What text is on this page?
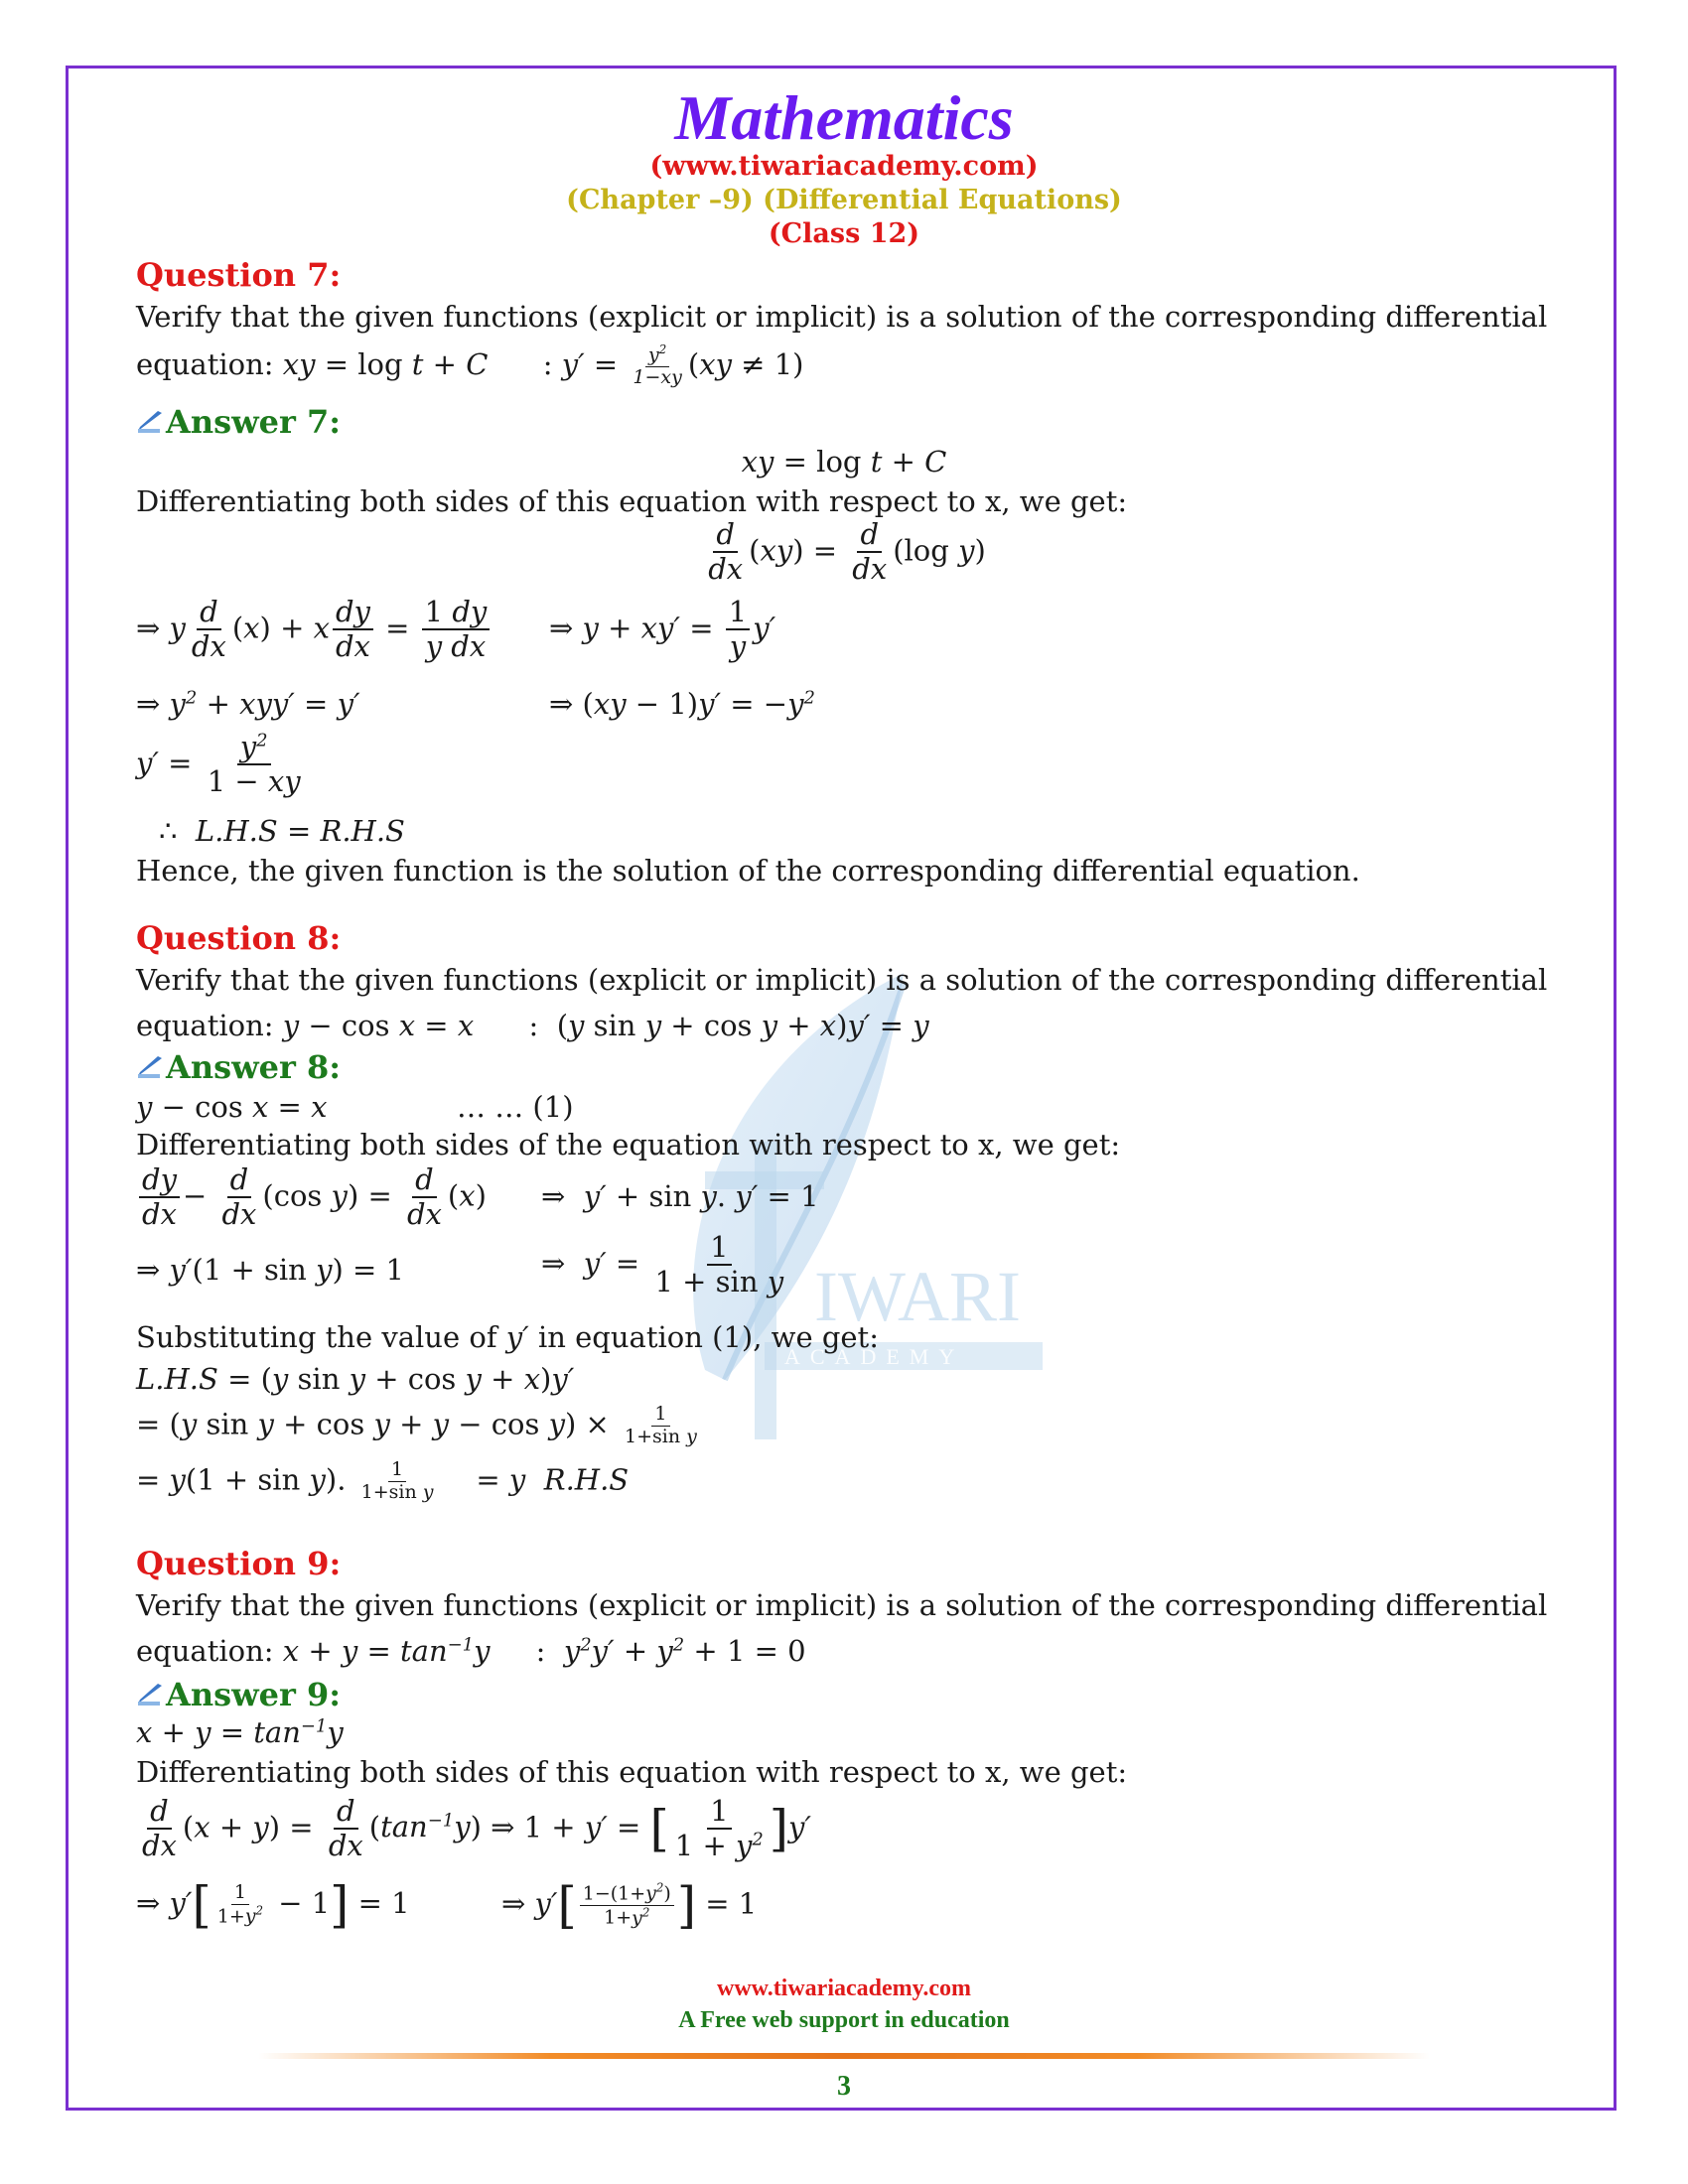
IWARI
ACADEMY
Mathematics
(www.tiwariacademy.com)
(Chapter –9) (Differential Equations)
(Class 12)
Question 7:
Verify that the given functions (explicit or implicit) is a solution of the corresponding differential
equation: xy = log t + C      : $y' = \frac{y^2}{1-xy} (xy \ne 1)$
Answer 7:
xy = log t + C
Differentiating both sides of this equation with respect to x, we get:
$\frac{d}{dx} (xy) = \frac{d}{dx} (\log$ y)
⇒ y $\frac{d}{dx} (x) + x \frac{dy}{dx} = \frac{1 dy}{\text{y dx}}$ ⇒ $y + xy' = \frac{1}{y} y'$
⇒ $y^2 + xyy' = y'$	⇒ $(xy - 1)y' = -y^2$
$y' = \frac{y^2}{1 - xy}$
∴  L.H.S = R.H.S
Hence, the given function is the solution of the corresponding differential equation.
Question 8:
Verify that the given functions (explicit or implicit) is a solution of the corresponding differential
equation: y − cos x = x      :  (y sin y + cos y + x)y′ = y
Answer 8:
y − cos x = x	… … (1)
Differentiating both sides of the equation with respect to x, we get:
$\frac{dy}{dx} - \frac{d}{dx} (\cos$ $y) = \frac{d}{dx} (x)$ ⇒  y′ + sin y. y′ = 1
⇒ y′(1 + sin y) = 1	⇒  $y' = \frac{1}{\text{1 + sin y}}$
Substituting the value of y′ in equation (1), we get:
L.H.S = (y sin y + cos y + x)y′
= (y $\sin y + \cos y + y - \cos y) \times \frac{1}{\text{1+sin y}}$
= y(1 + sin y). $\frac{1}{\text{1+sin y}} = y$ R.H.S
Question 9:
Verify that the given functions (explicit or implicit) is a solution of the corresponding differential
equation: $x + y = \tan^{-1}y$     :  $y^2y' + y^2 + 1 = 0$
Answer 9:
$x + y = \tan^{-1}y$
Differentiating both sides of this equation with respect to x, we get:
$\frac{d}{dx} (x + y) = \frac{d}{dx} (\tan^{-1}y)$ ⇒ 1 + y′ = [ $\frac{1}{1 + y^2} ]y'$
⇒ $y'[ \frac{1}{1+y^2} - 1] = 1$	⇒ $y'[ \frac{1-(1+y^2)}{1+y^2}$ ] = 1
www.tiwariacademy.com
A Free web support in education
3
